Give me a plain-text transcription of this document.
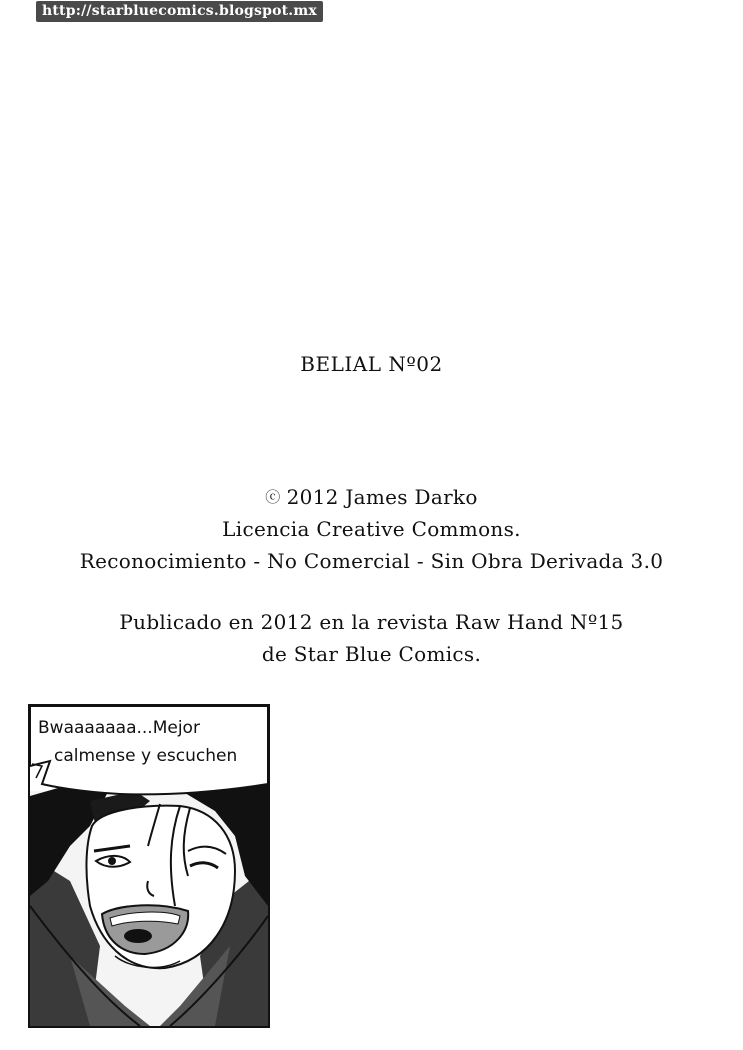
http://starbluecomics.blogspot.mx
BELIAL Nº02
ⓒ 2012 James Darko
Licencia Creative Commons.
Reconocimiento - No Comercial - Sin Obra Derivada 3.0
Publicado en 2012 en la revista Raw Hand Nº15
de Star Blue Comics.
Bwaaaaaaa...Mejor
calmense y escuchen
